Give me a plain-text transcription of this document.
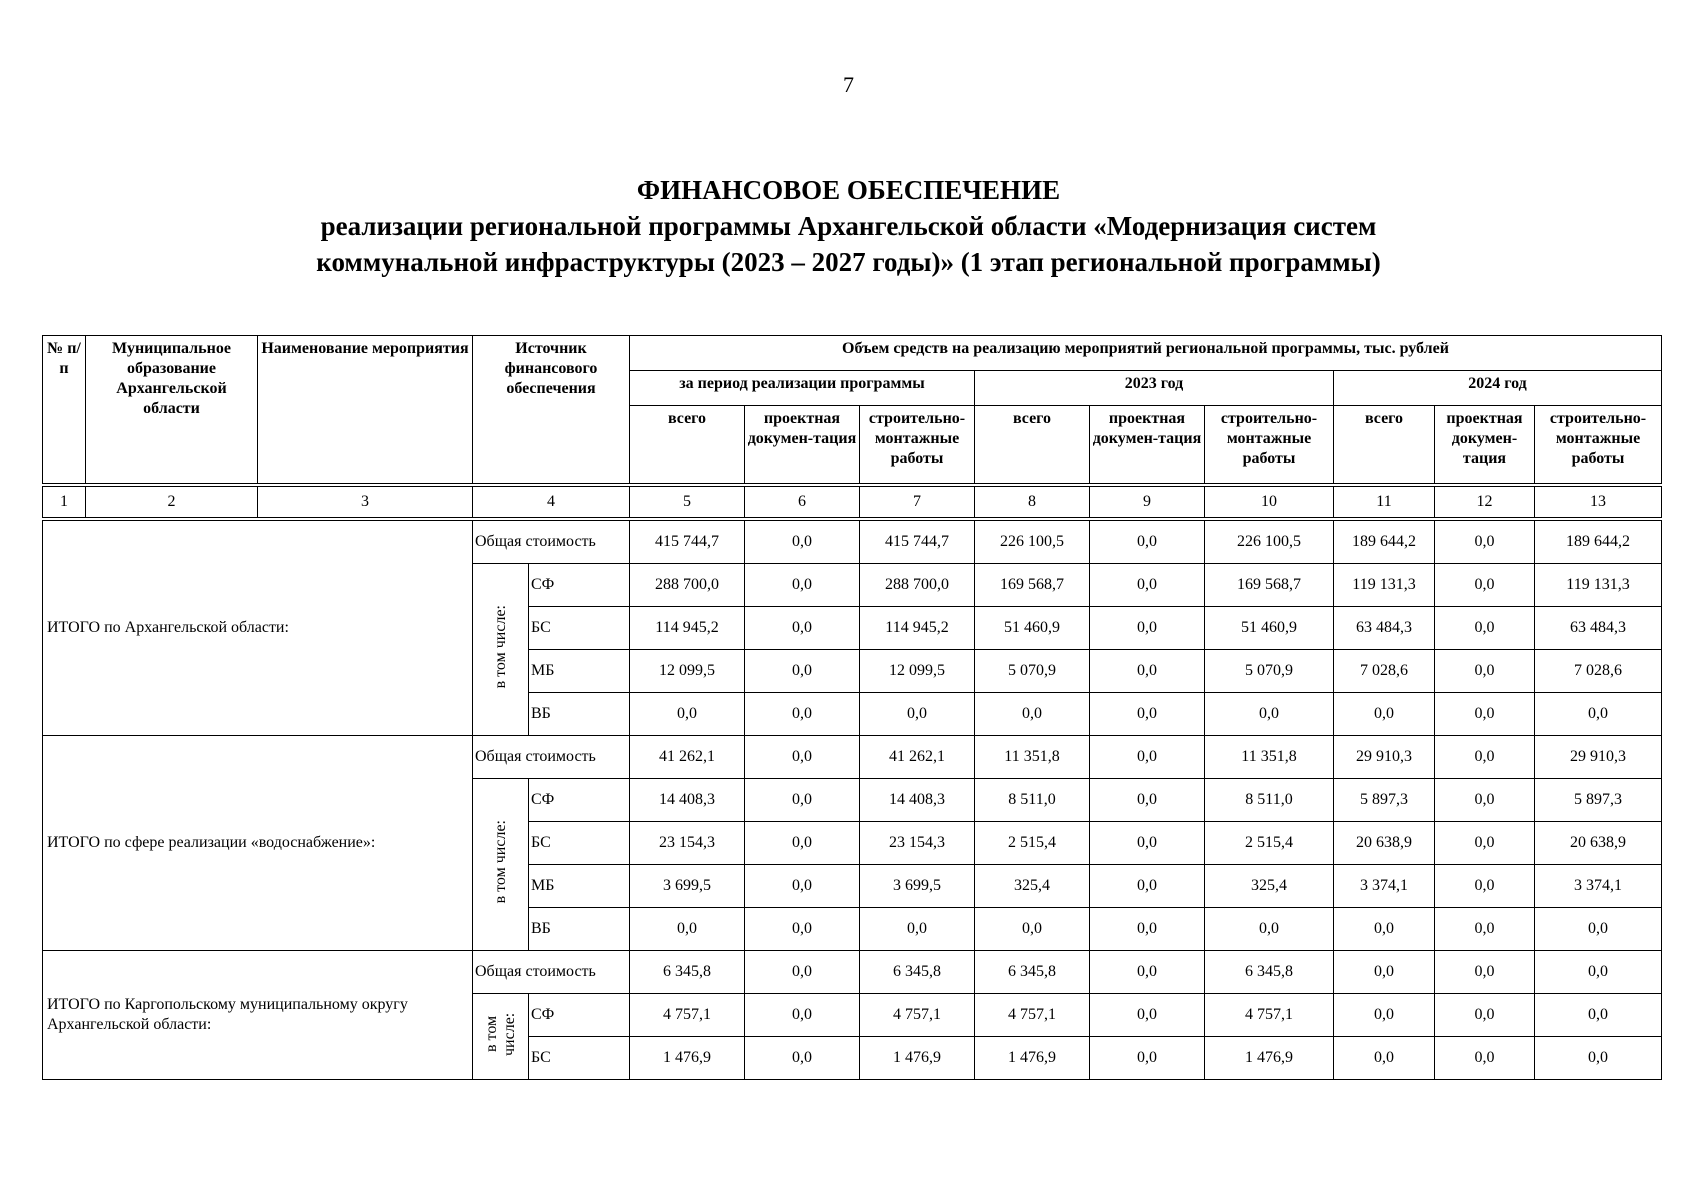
7
ФИНАНСОВОЕ ОБЕСПЕЧЕНИЕ
реализации региональной программы Архангельской области «Модернизация систем
коммунальной инфраструктуры (2023 – 2027 годы)» (1 этап региональной программы)
№ п/п	Муниципальное образование Архангельской области	Наименование мероприятия	Источник финансового обеспечения		Объем средств на реализацию мероприятий региональной программы, тыс. рублей								
					за период реализации программы			2023 год			2024 год		
					всего	проектная докумен-тация	строительно-монтажные работы	всего	проектная докумен-тация	строительно-монтажные работы	всего	проектная докумен-тация	строительно-монтажные работы

1	2	3	4		5	6	7	8	9	10	11	12	13

ИТОГО по Архангельской области:			Общая стоимость		415 744,7	0,0	415 744,7	226 100,5	0,0	226 100,5	189 644,2	0,0	189 644,2
			в том числе:	СФ	288 700,0	0,0	288 700,0	169 568,7	0,0	169 568,7	119 131,3	0,0	119 131,3
				БС	114 945,2	0,0	114 945,2	51 460,9	0,0	51 460,9	63 484,3	0,0	63 484,3
				МБ	12 099,5	0,0	12 099,5	5 070,9	0,0	5 070,9	7 028,6	0,0	7 028,6
				ВБ	0,0	0,0	0,0	0,0	0,0	0,0	0,0	0,0	0,0
ИТОГО по сфере реализации «водоснабжение»:			Общая стоимость		41 262,1	0,0	41 262,1	11 351,8	0,0	11 351,8	29 910,3	0,0	29 910,3
			в том числе:	СФ	14 408,3	0,0	14 408,3	8 511,0	0,0	8 511,0	5 897,3	0,0	5 897,3
				БС	23 154,3	0,0	23 154,3	2 515,4	0,0	2 515,4	20 638,9	0,0	20 638,9
				МБ	3 699,5	0,0	3 699,5	325,4	0,0	325,4	3 374,1	0,0	3 374,1
				ВБ	0,0	0,0	0,0	0,0	0,0	0,0	0,0	0,0	0,0
ИТОГО по Каргопольскому муниципальному округу Архангельской области:			Общая стоимость		6 345,8	0,0	6 345,8	6 345,8	0,0	6 345,8	0,0	0,0	0,0
			в том числе:	СФ	4 757,1	0,0	4 757,1	4 757,1	0,0	4 757,1	0,0	0,0	0,0
				БС	1 476,9	0,0	1 476,9	1 476,9	0,0	1 476,9	0,0	0,0	0,0
